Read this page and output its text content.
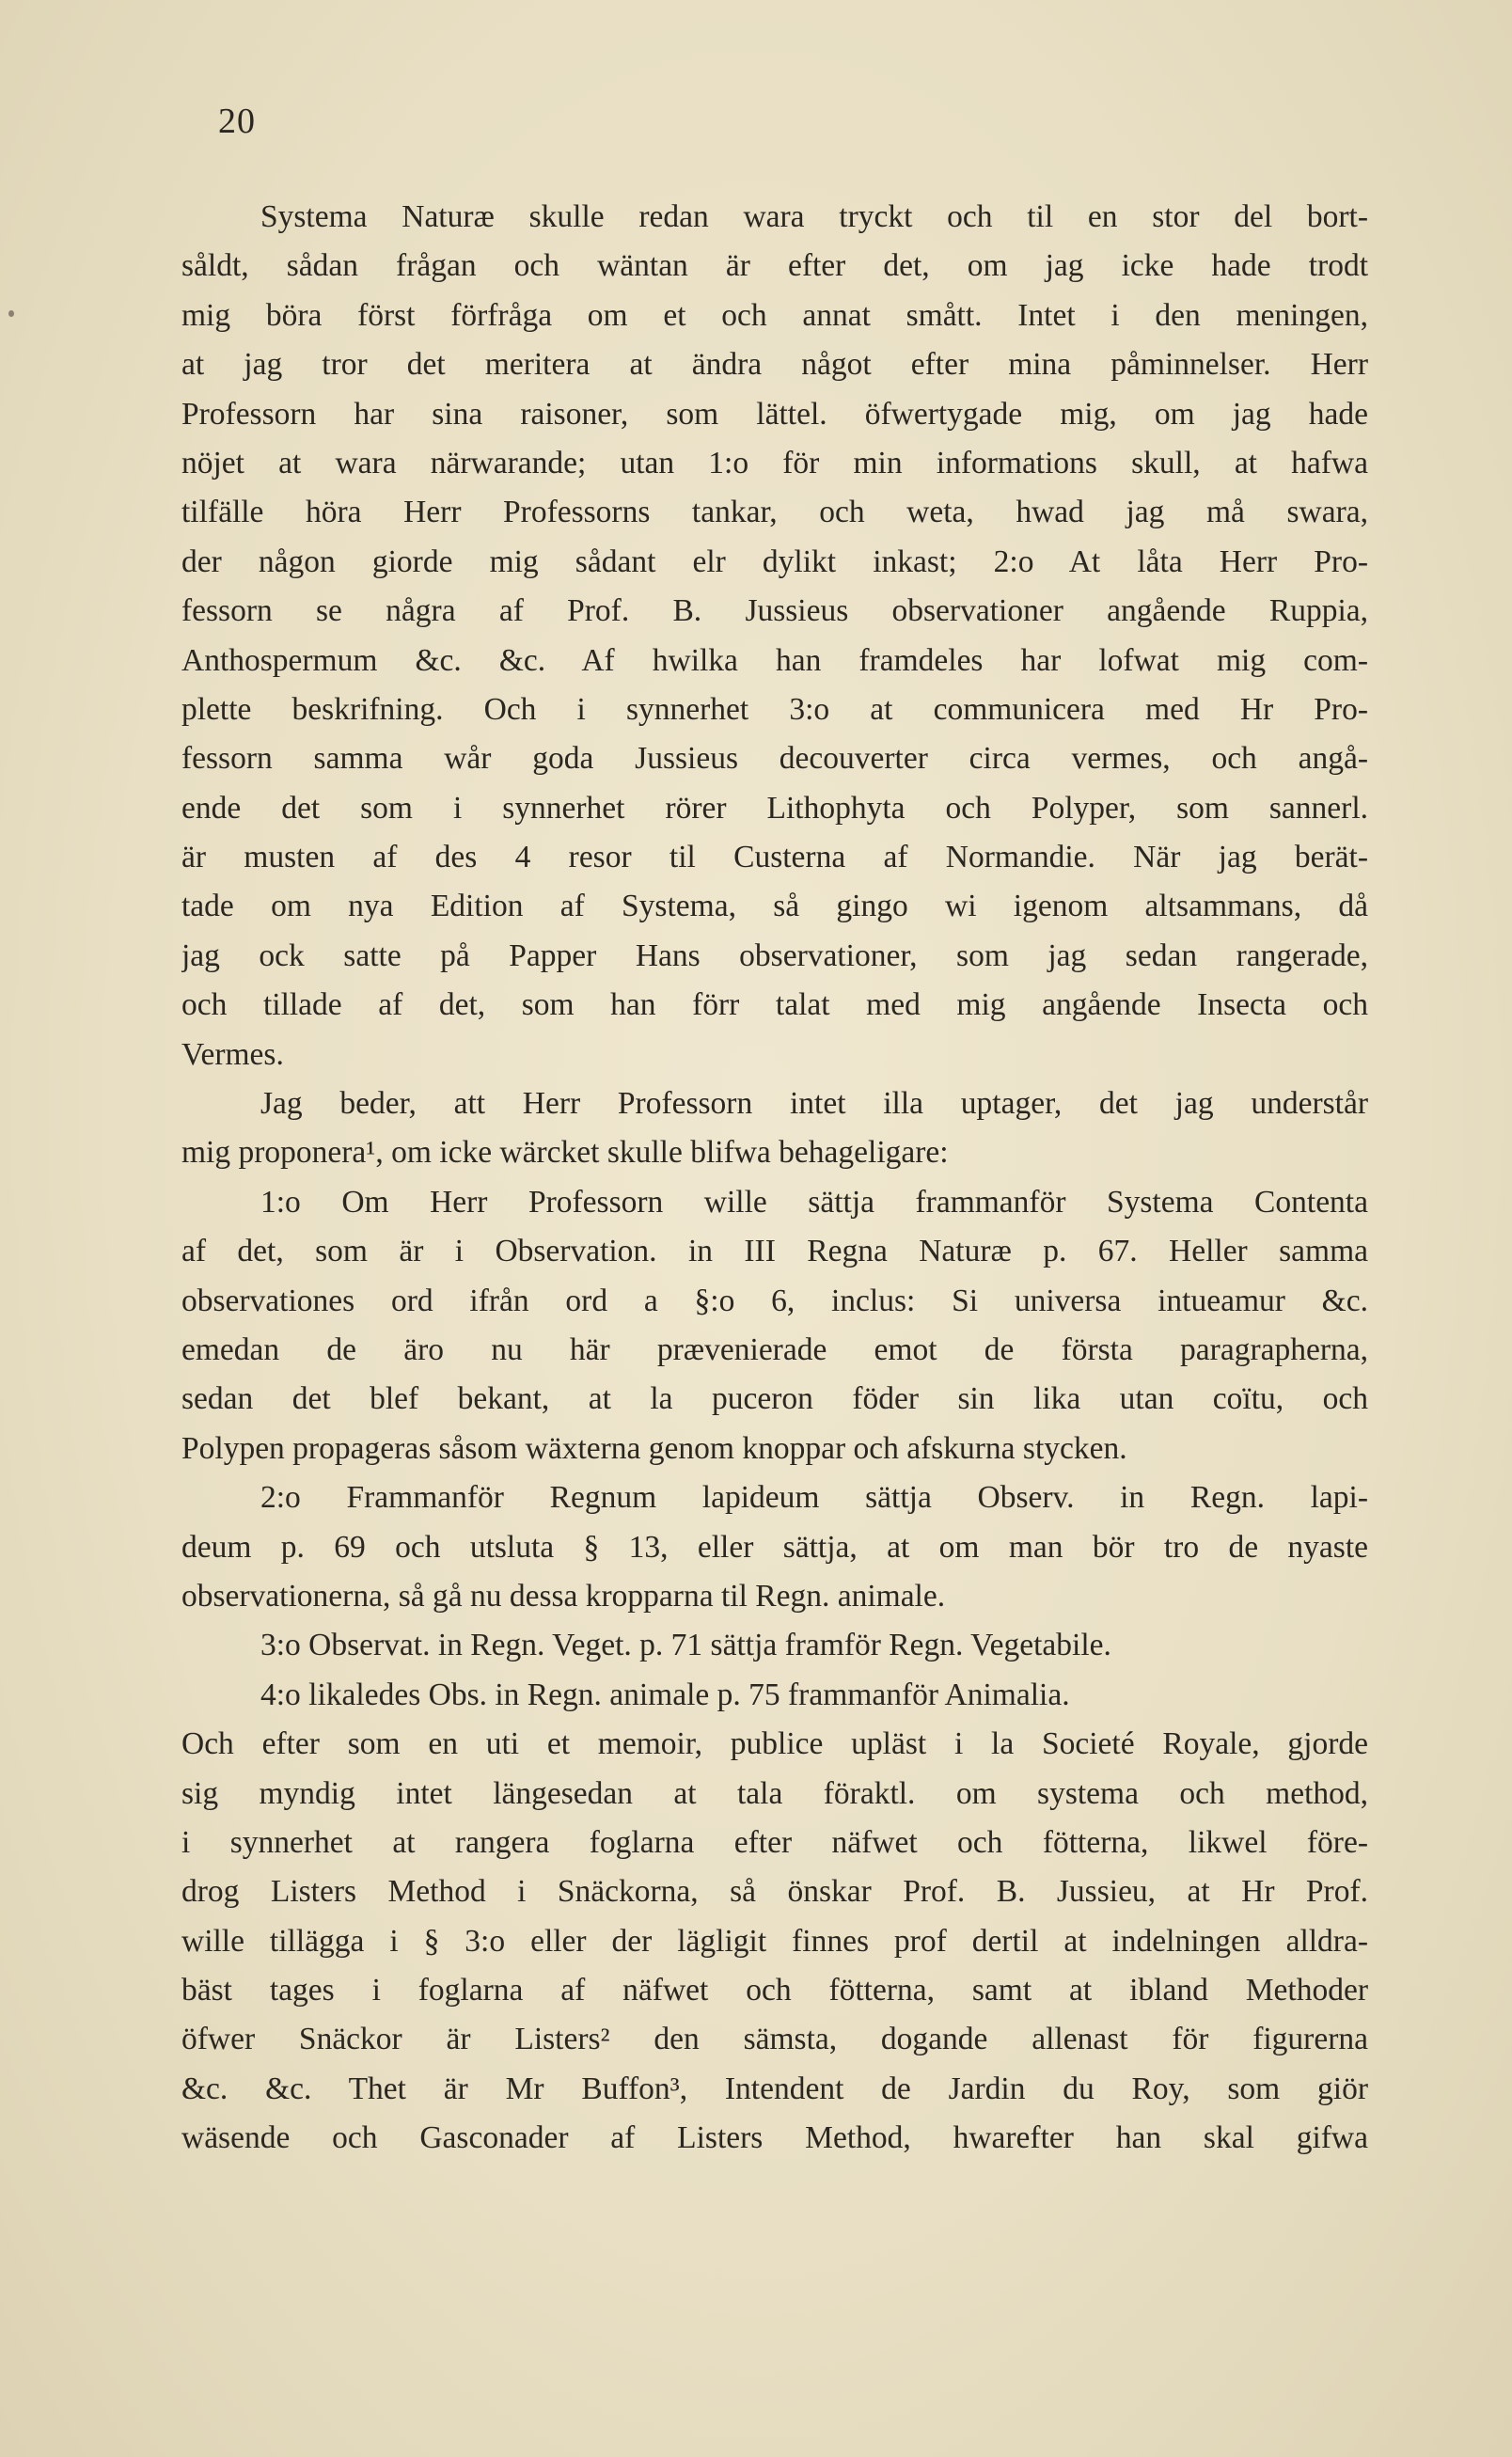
20
Systema Naturæ skulle redan wara tryckt och til en stor del bort-
såldt, sådan frågan och wäntan är efter det, om jag icke hade trodt
mig böra först förfråga om et och annat smått. Intet i den meningen,
at jag tror det meritera at ändra något efter mina påminnelser. Herr
Professorn har sina raisoner, som lättel. öfwertygade mig, om jag hade
nöjet at wara närwarande; utan 1:o för min informations skull, at hafwa
tilfälle höra Herr Professorns tankar, och weta, hwad jag må swara,
der någon giorde mig sådant elr dylikt inkast; 2:o At låta Herr Pro-
fessorn se några af Prof. B. Jussieus observationer angående Ruppia,
Anthospermum &c. &c. Af hwilka han framdeles har lofwat mig com-
plette beskrifning. Och i synnerhet 3:o at communicera med Hr Pro-
fessorn samma wår goda Jussieus decouverter circa vermes, och angå-
ende det som i synnerhet rörer Lithophyta och Polyper, som sannerl.
är musten af des 4 resor til Custerna af Normandie. När jag berät-
tade om nya Edition af Systema, så gingo wi igenom altsammans, då
jag ock satte på Papper Hans observationer, som jag sedan rangerade,
och tillade af det, som han förr talat med mig angående Insecta och
Vermes.
Jag beder, att Herr Professorn intet illa uptager, det jag understår
mig proponera¹, om icke wärcket skulle blifwa behageligare:
1:o Om Herr Professorn wille sättja frammanför Systema Contenta
af det, som är i Observation. in III Regna Naturæ p. 67. Heller samma
observationes ord ifrån ord a §:o 6, inclus: Si universa intueamur &c.
emedan de äro nu här prævenierade emot de första paragrapherna,
sedan det blef bekant, at la puceron föder sin lika utan coïtu, och
Polypen propageras såsom wäxterna genom knoppar och afskurna stycken.
2:o Frammanför Regnum lapideum sättja Observ. in Regn. lapi-
deum p. 69 och utsluta § 13, eller sättja, at om man bör tro de nyaste
observationerna, så gå nu dessa kropparna til Regn. animale.
3:o Observat. in Regn. Veget. p. 71 sättja framför Regn. Vegetabile.
4:o likaledes Obs. in Regn. animale p. 75 frammanför Animalia.
Och efter som en uti et memoir, publice upläst i la Societé Royale, gjorde
sig myndig intet längesedan at tala föraktl. om systema och method,
i synnerhet at rangera foglarna efter näfwet och fötterna, likwel före-
drog Listers Method i Snäckorna, så önskar Prof. B. Jussieu, at Hr Prof.
wille tillägga i § 3:o eller der lägligit finnes prof dertil at indelningen alldra-
bäst tages i foglarna af näfwet och fötterna, samt at ibland Methoder
öfwer Snäckor är Listers² den sämsta, dogande allenast för figurerna
&c. &c. Thet är Mr Buffon³, Intendent de Jardin du Roy, som giör
wäsende och Gasconader af Listers Method, hwarefter han skal gifwa
